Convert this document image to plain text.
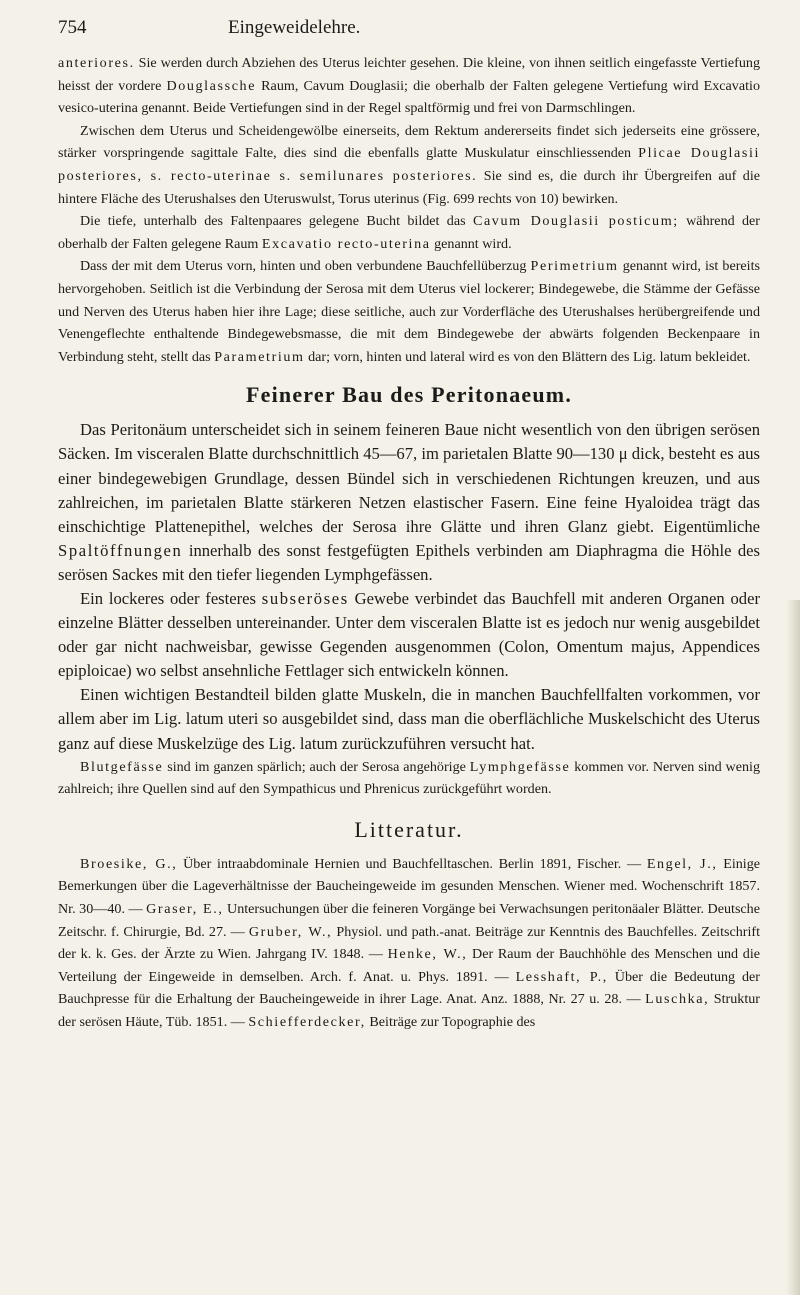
754	Eingeweidelehre.

anteriores. Sie werden durch Abziehen des Uterus leichter gesehen. Die kleine, von ihnen seitlich eingefasste Vertiefung heisst der vordere Douglassche Raum, Cavum Douglasii; die oberhalb der Falten gelegene Vertiefung wird Excavatio vesico-uterina genannt. Beide Vertiefungen sind in der Regel spaltförmig und frei von Darmschlingen.

Zwischen dem Uterus und Scheidengewölbe einerseits, dem Rektum andererseits findet sich jederseits eine grössere, stärker vorspringende sagittale Falte, dies sind die ebenfalls glatte Muskulatur einschliessenden Plicae Douglasii posteriores, s. recto-uterinae s. semilunares posteriores. Sie sind es, die durch ihr Übergreifen auf die hintere Fläche des Uterushalses den Uteruswulst, Torus uterinus (Fig. 699 rechts von 10) bewirken.

Die tiefe, unterhalb des Faltenpaares gelegene Bucht bildet das Cavum Douglasii posticum; während der oberhalb der Falten gelegene Raum Excavatio recto-uterina genannt wird.

Dass der mit dem Uterus vorn, hinten und oben verbundene Bauchfellüberzug Perimetrium genannt wird, ist bereits hervorgehoben. Seitlich ist die Verbindung der Serosa mit dem Uterus viel lockerer; Bindegewebe, die Stämme der Gefässe und Nerven des Uterus haben hier ihre Lage; diese seitliche, auch zur Vorderfläche des Uterushalses herübergreifende und Venengeflechte enthaltende Bindegewebsmasse, die mit dem Bindegewebe der abwärts folgenden Beckenpaare in Verbindung steht, stellt das Parametrium dar; vorn, hinten und lateral wird es von den Blättern des Lig. latum bekleidet.

Feinerer Bau des Peritonaeum.

Das Peritonäum unterscheidet sich in seinem feineren Baue nicht wesentlich von den übrigen serösen Säcken. Im visceralen Blatte durchschnittlich 45—67, im parietalen Blatte 90—130 μ dick, besteht es aus einer bindegewebigen Grundlage, dessen Bündel sich in verschiedenen Richtungen kreuzen, und aus zahlreichen, im parietalen Blatte stärkeren Netzen elastischer Fasern. Eine feine Hyaloidea trägt das einschichtige Plattenepithel, welches der Serosa ihre Glätte und ihren Glanz giebt. Eigentümliche Spaltöffnungen innerhalb des sonst festgefügten Epithels verbinden am Diaphragma die Höhle des serösen Sackes mit den tiefer liegenden Lymphgefässen.

Ein lockeres oder festeres subseröses Gewebe verbindet das Bauchfell mit anderen Organen oder einzelne Blätter desselben untereinander. Unter dem visceralen Blatte ist es jedoch nur wenig ausgebildet oder gar nicht nachweisbar, gewisse Gegenden ausgenommen (Colon, Omentum majus, Appendices epiploicae) wo selbst ansehnliche Fettlager sich entwickeln können.

Einen wichtigen Bestandteil bilden glatte Muskeln, die in manchen Bauchfellfalten vorkommen, vor allem aber im Lig. latum uteri so ausgebildet sind, dass man die oberflächliche Muskelschicht des Uterus ganz auf diese Muskelzüge des Lig. latum zurückzuführen versucht hat.

Blutgefässe sind im ganzen spärlich; auch der Serosa angehörige Lymphgefässe kommen vor. Nerven sind wenig zahlreich; ihre Quellen sind auf den Sympathicus und Phrenicus zurückgeführt worden.

Litteratur.

Broesike, G., Über intraabdominale Hernien und Bauchfelltaschen. Berlin 1891, Fischer. — Engel, J., Einige Bemerkungen über die Lageverhältnisse der Baucheingeweide im gesunden Menschen. Wiener med. Wochenschrift 1857. Nr. 30—40. — Graser, E., Untersuchungen über die feineren Vorgänge bei Verwachsungen peritonäaler Blätter. Deutsche Zeitschr. f. Chirurgie, Bd. 27. — Gruber, W., Physiol. und path.-anat. Beiträge zur Kenntnis des Bauchfelles. Zeitschrift der k. k. Ges. der Ärzte zu Wien. Jahrgang IV. 1848. — Henke, W., Der Raum der Bauchhöhle des Menschen und die Verteilung der Eingeweide in demselben. Arch. f. Anat. u. Phys. 1891. — Lesshaft, P., Über die Bedeutung der Bauchpresse für die Erhaltung der Baucheingeweide in ihrer Lage. Anat. Anz. 1888, Nr. 27 u. 28. — Luschka, Struktur der serösen Häute, Tüb. 1851. — Schiefferdecker, Beiträge zur Topographie des
